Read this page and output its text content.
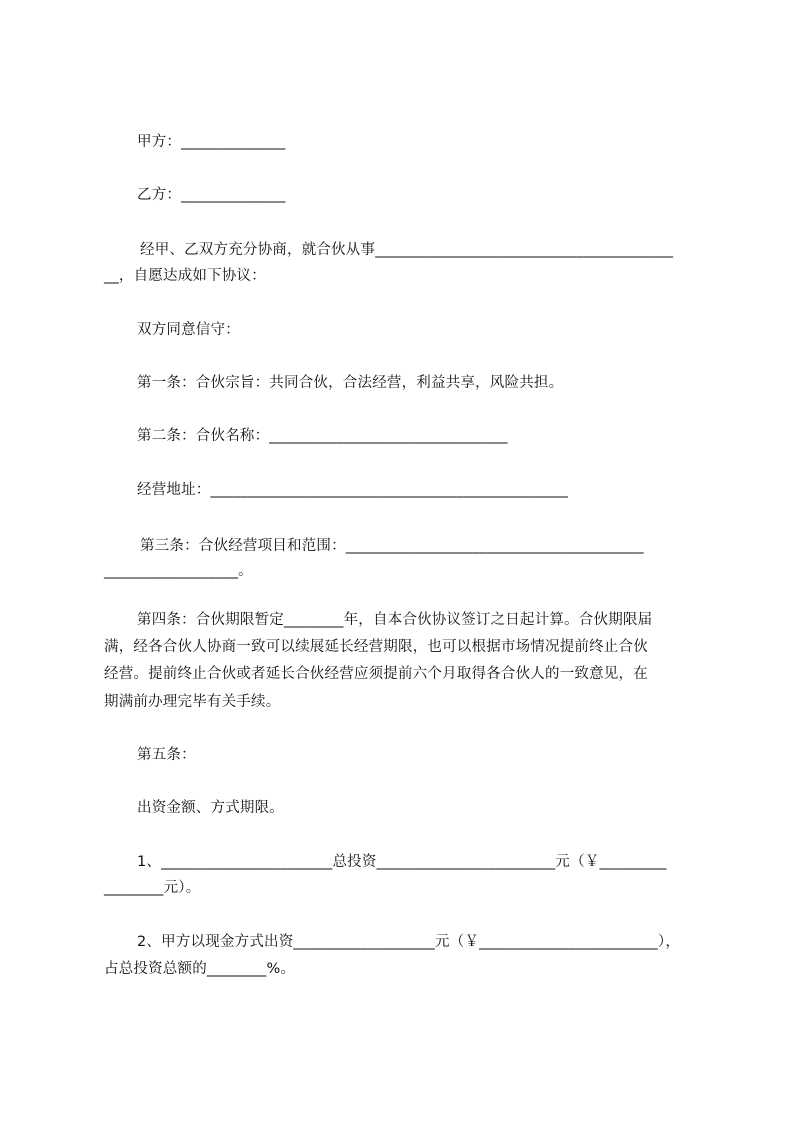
甲方：______________
乙方：______________
经甲、乙双方充分协商，就合伙从事________________________________________
__，自愿达成如下协议：
双方同意信守：
第一条：合伙宗旨：共同合伙，合法经营，利益共享，风险共担。
第二条：合伙名称：________________________________
经营地址：________________________________________________
第三条：合伙经营项目和范围：________________________________________
__________________。
第四条：合伙期限暂定________年，自本合伙协议签订之日起计算。合伙期限届
满，经各合伙人协商一致可以续展延长经营期限，也可以根据市场情况提前终止合伙
经营。提前终止合伙或者延长合伙经营应须提前六个月取得各合伙人的一致意见，在
期满前办理完毕有关手续。
第五条：
出资金额、方式期限。
1、_______________________总投资________________________元（￥_________
________元）。
2、甲方以现金方式出资___________________元（￥________________________），
占总投资总额的________%。
